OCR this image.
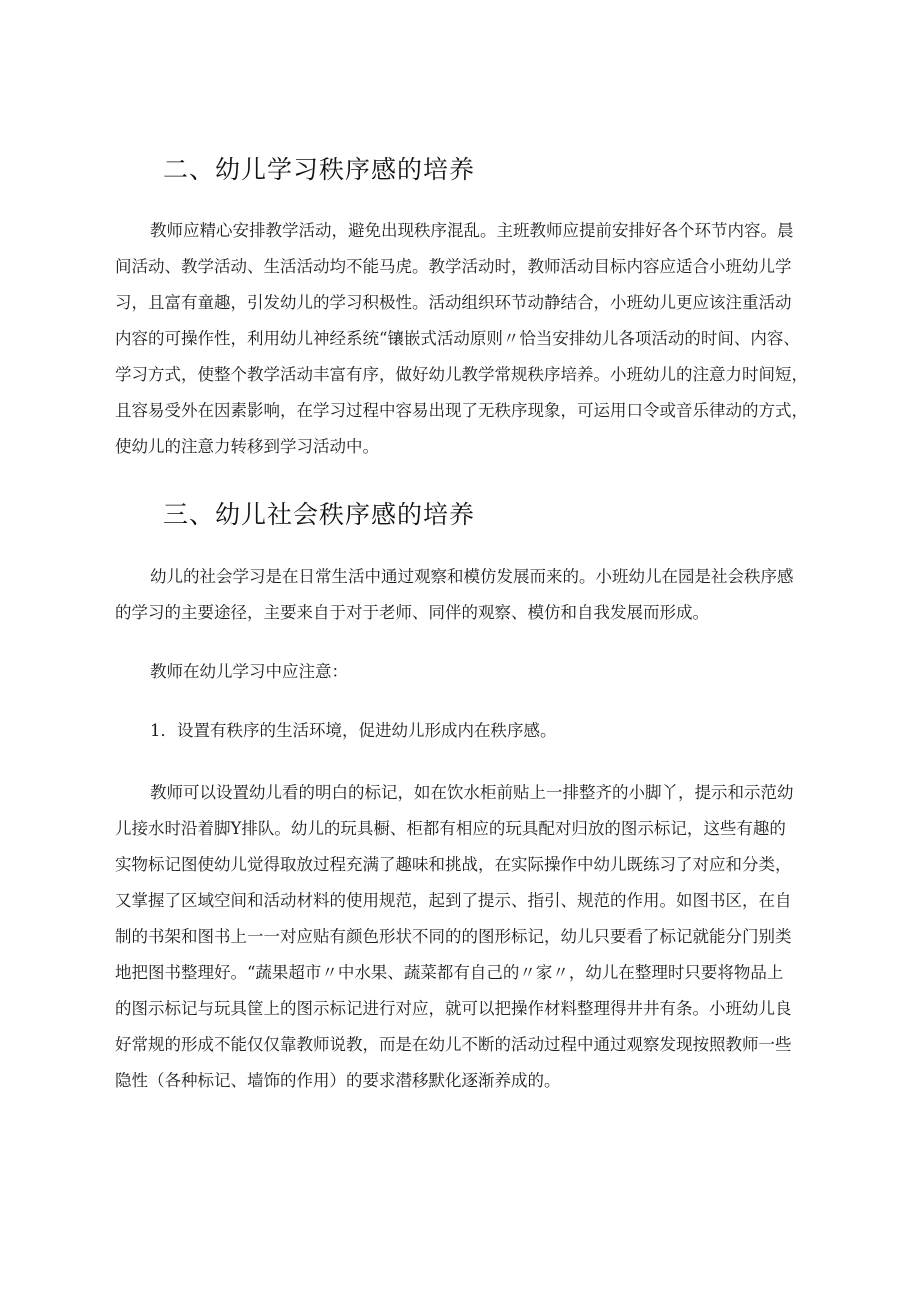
二、幼儿学习秩序感的培养
教师应精心安排教学活动，避免出现秩序混乱。主班教师应提前安排好各个环节内容。晨
间活动、教学活动、生活活动均不能马虎。教学活动时，教师活动目标内容应适合小班幼儿学
习，且富有童趣，引发幼儿的学习积极性。活动组织环节动静结合，小班幼儿更应该注重活动
内容的可操作性，利用幼儿神经系统“镶嵌式活动原则〃恰当安排幼儿各项活动的时间、内容、
学习方式，使整个教学活动丰富有序，做好幼儿教学常规秩序培养。小班幼儿的注意力时间短，
且容易受外在因素影响，在学习过程中容易出现了无秩序现象，可运用口令或音乐律动的方式，
使幼儿的注意力转移到学习活动中。
三、幼儿社会秩序感的培养
幼儿的社会学习是在日常生活中通过观察和模仿发展而来的。小班幼儿在园是社会秩序感
的学习的主要途径，主要来自于对于老师、同伴的观察、模仿和自我发展而形成。
教师在幼儿学习中应注意：
1．设置有秩序的生活环境，促进幼儿形成内在秩序感。
教师可以设置幼儿看的明白的标记，如在饮水柜前贴上一排整齐的小脚丫，提示和示范幼
儿接水时沿着脚Y排队。幼儿的玩具橱、柜都有相应的玩具配对归放的图示标记，这些有趣的
实物标记图使幼儿觉得取放过程充满了趣味和挑战，在实际操作中幼儿既练习了对应和分类，
又掌握了区域空间和活动材料的使用规范，起到了提示、指引、规范的作用。如图书区，在自
制的书架和图书上一一对应贴有颜色形状不同的的图形标记，幼儿只要看了标记就能分门别类
地把图书整理好。“蔬果超市〃中水果、蔬菜都有自己的〃家〃，幼儿在整理时只要将物品上
的图示标记与玩具筐上的图示标记进行对应，就可以把操作材料整理得井井有条。小班幼儿良
好常规的形成不能仅仅靠教师说教，而是在幼儿不断的活动过程中通过观察发现按照教师一些
隐性（各种标记、墙饰的作用）的要求潜移默化逐渐养成的。
